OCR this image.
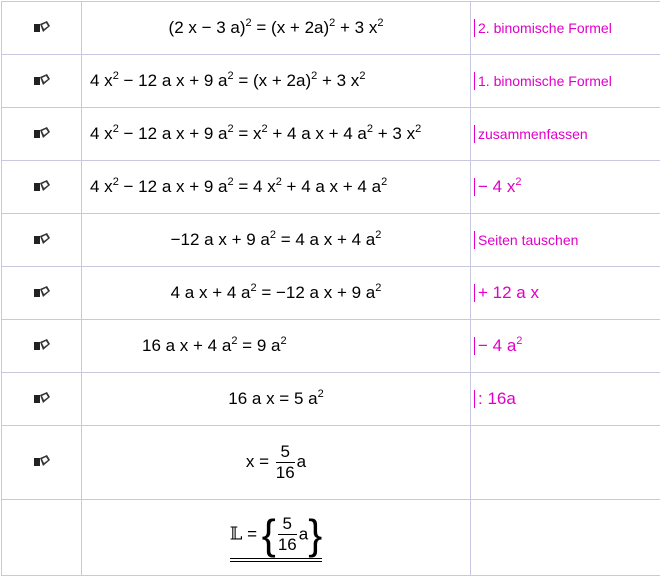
	(2 x − 3 $a)^2 = (x + 2a)^2 + 3$ $x^2$	2. binomische Formel
	4 $x^2 - 12$ a x + 9 $a^2 = (x + 2a)^2 + 3$ $x^2$	1. binomische Formel
	4 $x^2 - 12$ a x + 9 $a^2 = x^2 + 4$ a x + 4 $a^2 + 3$ $x^2$	zusammenfassen
	4 $x^2 - 12$ a x + 9 $a^2 = 4$ $x^2 + 4$ a x + 4 $a^2$	− 4 $x^2$
	−12 a x + 9 $a^2 = 4$ a x + 4 $a^2$	Seiten tauschen
	4 a x + 4 $a^2 = -12$ a x + 9 $a^2$	+ 12 a x
	16 a x + 4 $a^2 = 9$ $a^2$	− 4 $a^2$
	16 a x = 5 $a^2$	: 16a
	$x = \frac{5}{16}$ a	
	𝕃 = { $\frac{5}{16} a$}	
